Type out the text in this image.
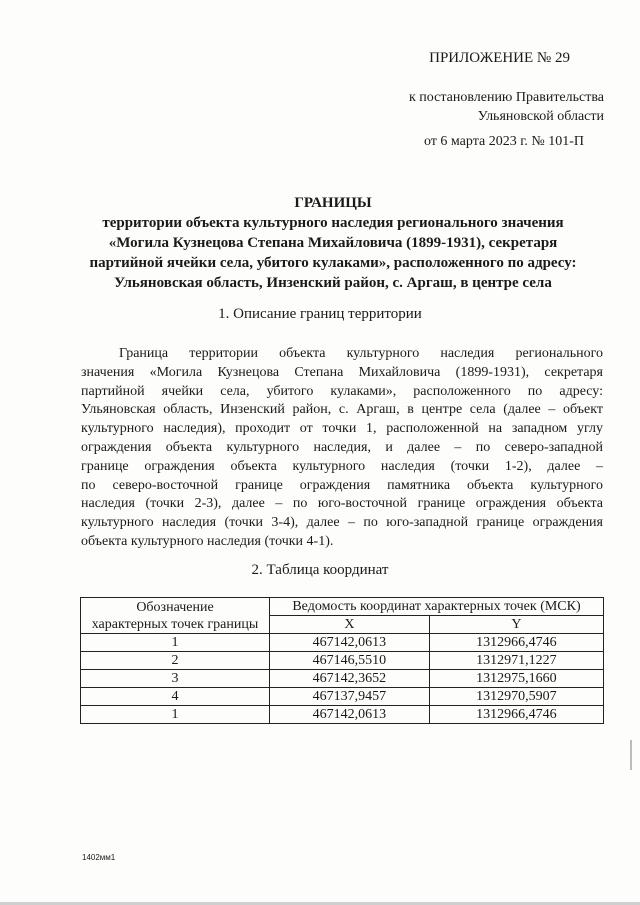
ПРИЛОЖЕНИЕ № 29
к постановлению Правительства
Ульяновской области
от 6 марта 2023 г. № 101-П
ГРАНИЦЫ
территории объекта культурного наследия регионального значения
«Могила Кузнецова Степана Михайловича (1899-1931), секретаря
партийной ячейки села, убитого кулаками», расположенного по адресу:
Ульяновская область, Инзенский район, с. Аргаш, в центре села
1. Описание границ территории
Граница территории объекта культурного наследия регионального
значения «Могила Кузнецова Степана Михайловича (1899-1931), секретаря
партийной ячейки села, убитого кулаками», расположенного по адресу:
Ульяновская область, Инзенский район, с. Аргаш, в центре села (далее – объект
культурного наследия), проходит от точки 1, расположенной на западном углу
ограждения объекта культурного наследия, и далее – по северо-западной
границе ограждения объекта культурного наследия (точки 1-2), далее –
по северо-восточной границе ограждения памятника объекта культурного
наследия (точки 2-3), далее – по юго-восточной границе ограждения объекта
культурного наследия (точки 3-4), далее – по юго-западной границе ограждения
объекта культурного наследия (точки 4-1).
2. Таблица координат
Обозначение
характерных точек границы	Ведомость координат характерных точек (МСК)	
	X	Y
1	467142,0613	1312966,4746
2	467146,5510	1312971,1227
3	467142,3652	1312975,1660
4	467137,9457	1312970,5907
1	467142,0613	1312966,4746
1402мм1
